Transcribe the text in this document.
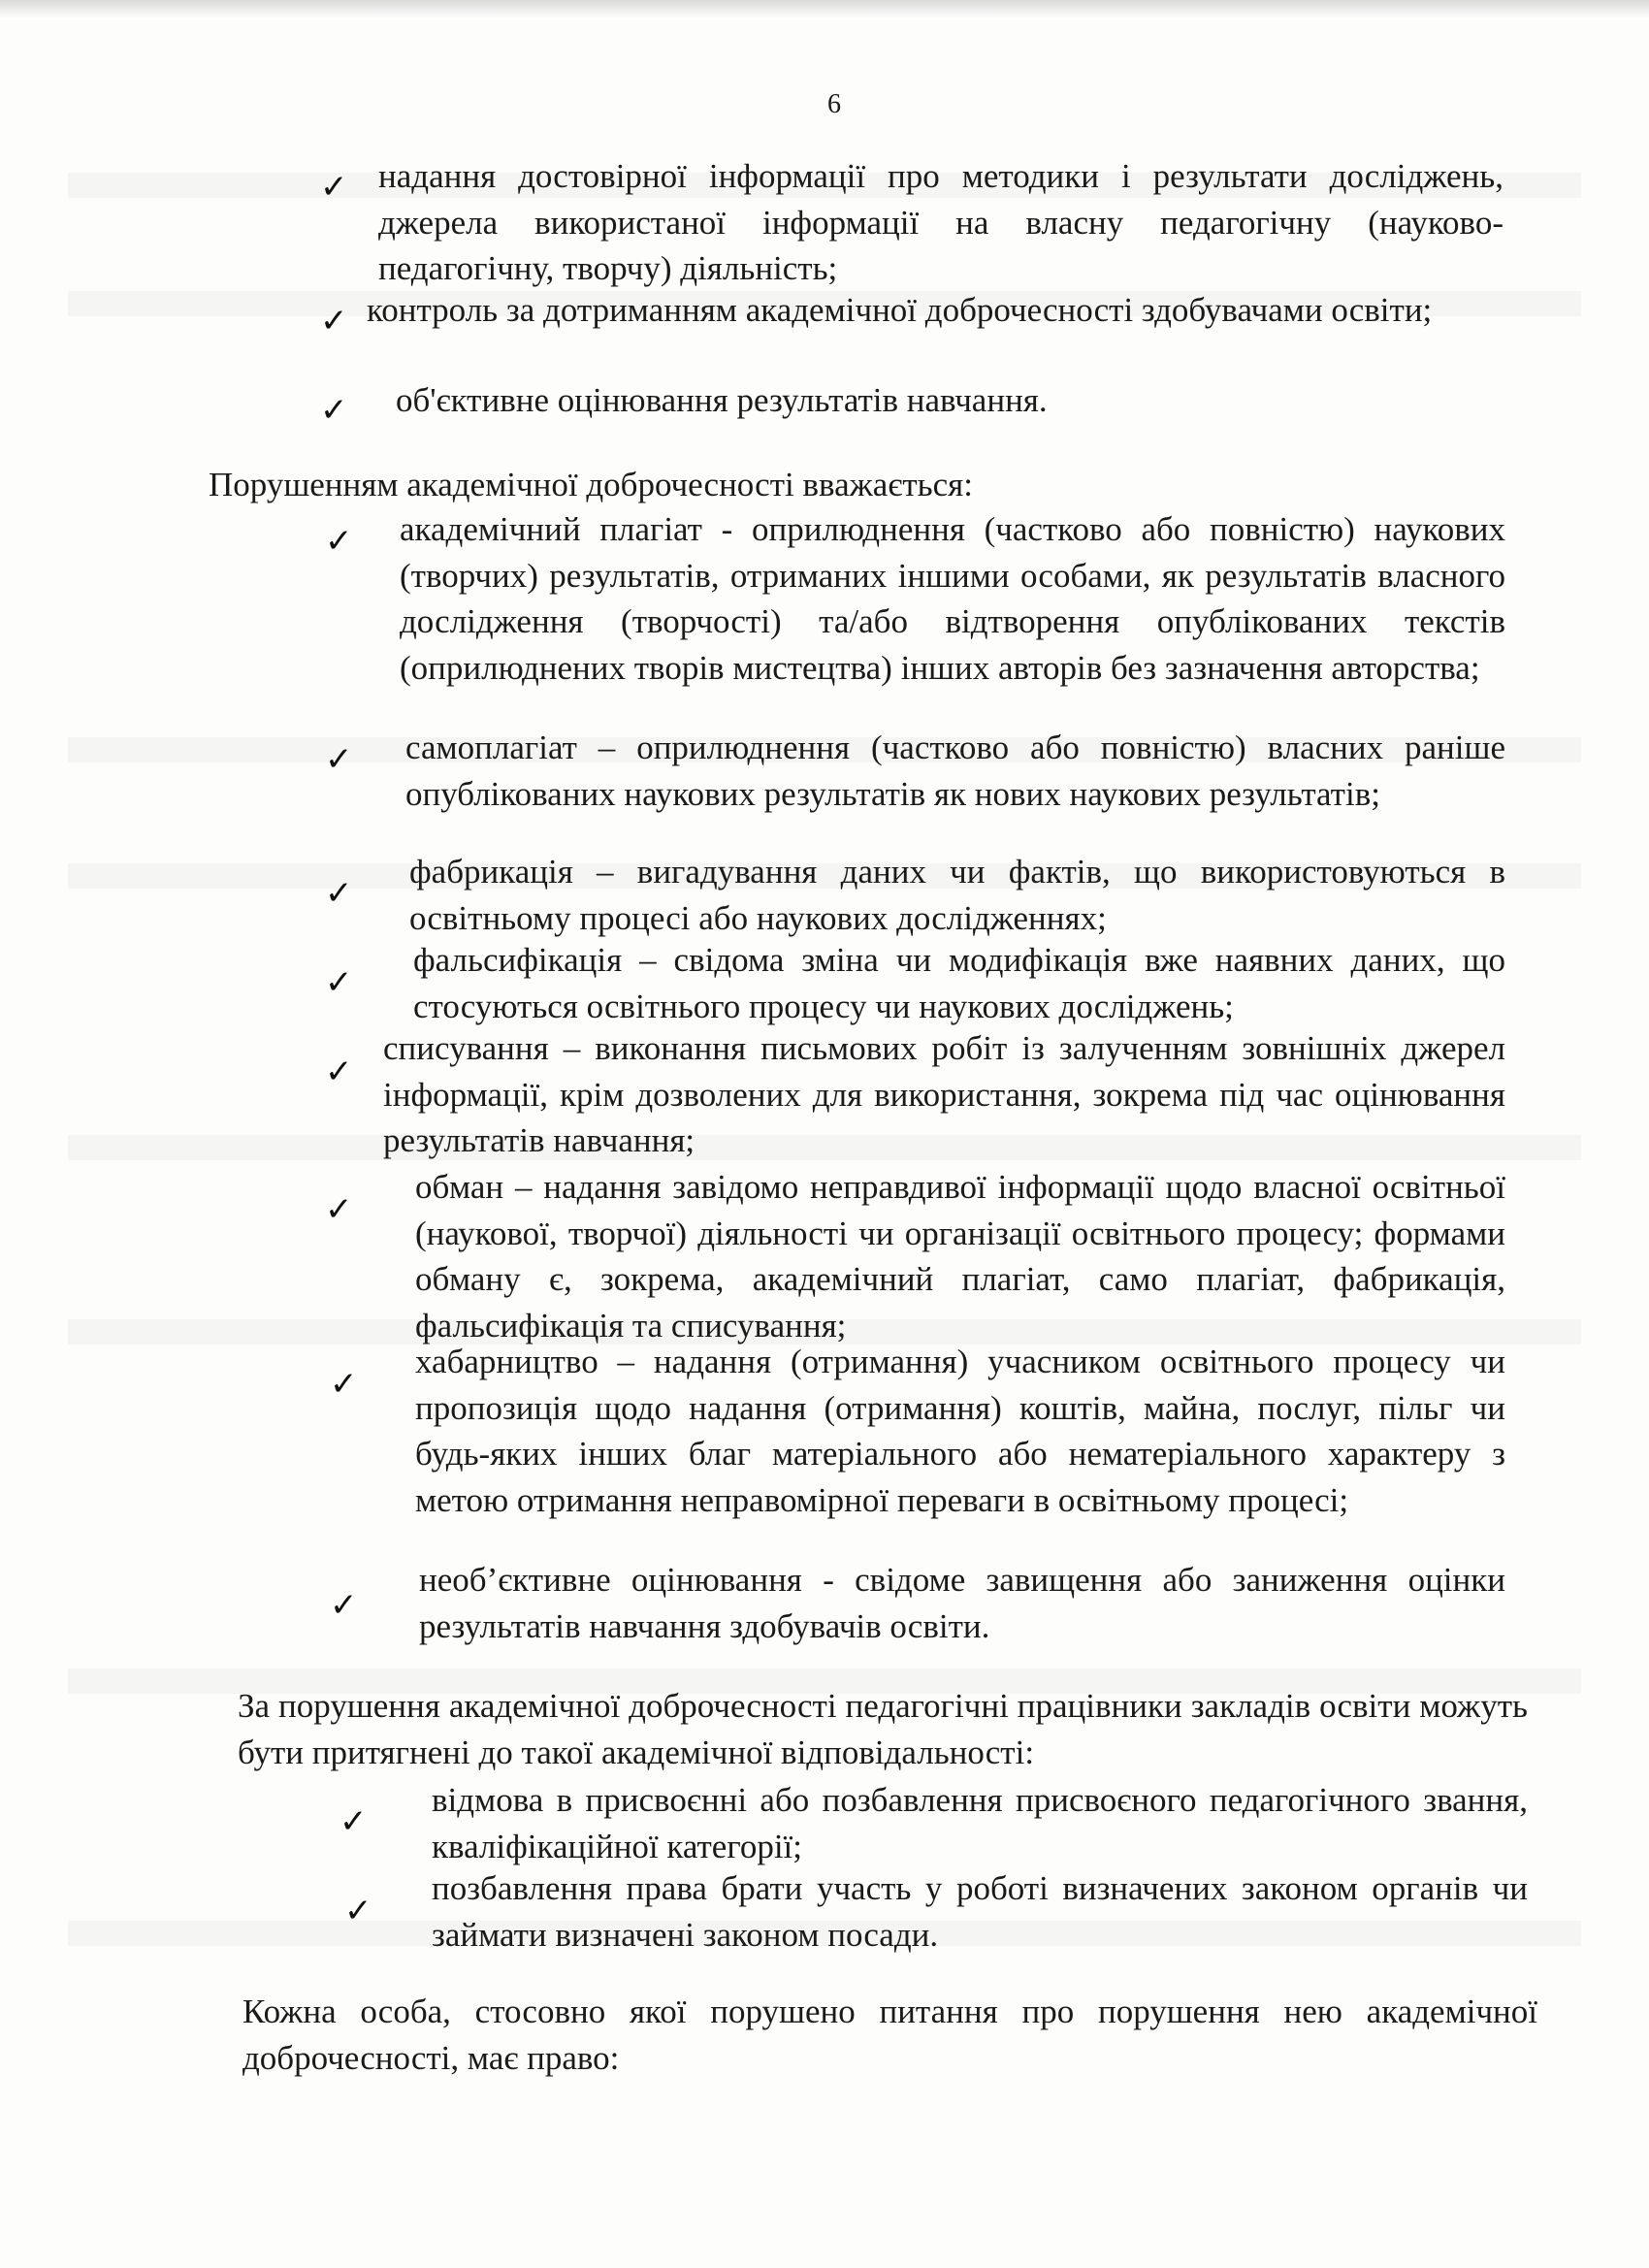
6
✓ надання достовірної інформації про методики і результати досліджень, джерела використаної інформації на власну педагогічну (науково-педагогічну, творчу) діяльність;
✓ контроль за дотриманням академічної доброчесності здобувачами освіти;
✓ об'єктивне оцінювання результатів навчання.
Порушенням академічної доброчесності вважається:
✓ академічний плагіат - оприлюднення (частково або повністю) наукових (творчих) результатів, отриманих іншими особами, як результатів власного дослідження (творчості) та/або відтворення опублікованих текстів (оприлюднених творів мистецтва) інших авторів без зазначення авторства;
✓ самоплагіат – оприлюднення (частково або повністю) власних раніше опублікованих наукових результатів як нових наукових результатів;
✓
фабрикація – вигадування даних чи фактів, що використовуються в освітньому процесі або наукових дослідженнях;
✓
фальсифікація – свідома зміна чи модифікація вже наявних даних, що стосуються освітнього процесу чи наукових досліджень;
✓
списування – виконання письмових робіт із залученням зовнішніх джерел інформації, крім дозволених для використання, зокрема під час оцінювання результатів навчання;
✓
обман – надання завідомо неправдивої інформації щодо власної освітньої (наукової, творчої) діяльності чи організації освітнього процесу; формами обману є, зокрема, академічний плагіат, само плагіат, фабрикація, фальсифікація та списування;
✓
хабарництво – надання (отримання) учасником освітнього процесу чи пропозиція щодо надання (отримання) коштів, майна, послуг, пільг чи будь-яких інших благ матеріального або нематеріального характеру з метою отримання неправомірної переваги в освітньому процесі;
✓
необ’єктивне оцінювання - свідоме завищення або заниження оцінки результатів навчання здобувачів освіти.
За порушення академічної доброчесності педагогічні працівники закладів освіти можуть бути притягнені до такої академічної відповідальності:
✓
відмова в присвоєнні або позбавлення присвоєного педагогічного звання, кваліфікаційної категорії;
✓
позбавлення права брати участь у роботі визначених законом органів чи займати визначені законом посади.
Кожна особа, стосовно якої порушено питання про порушення нею академічної доброчесності, має право:
